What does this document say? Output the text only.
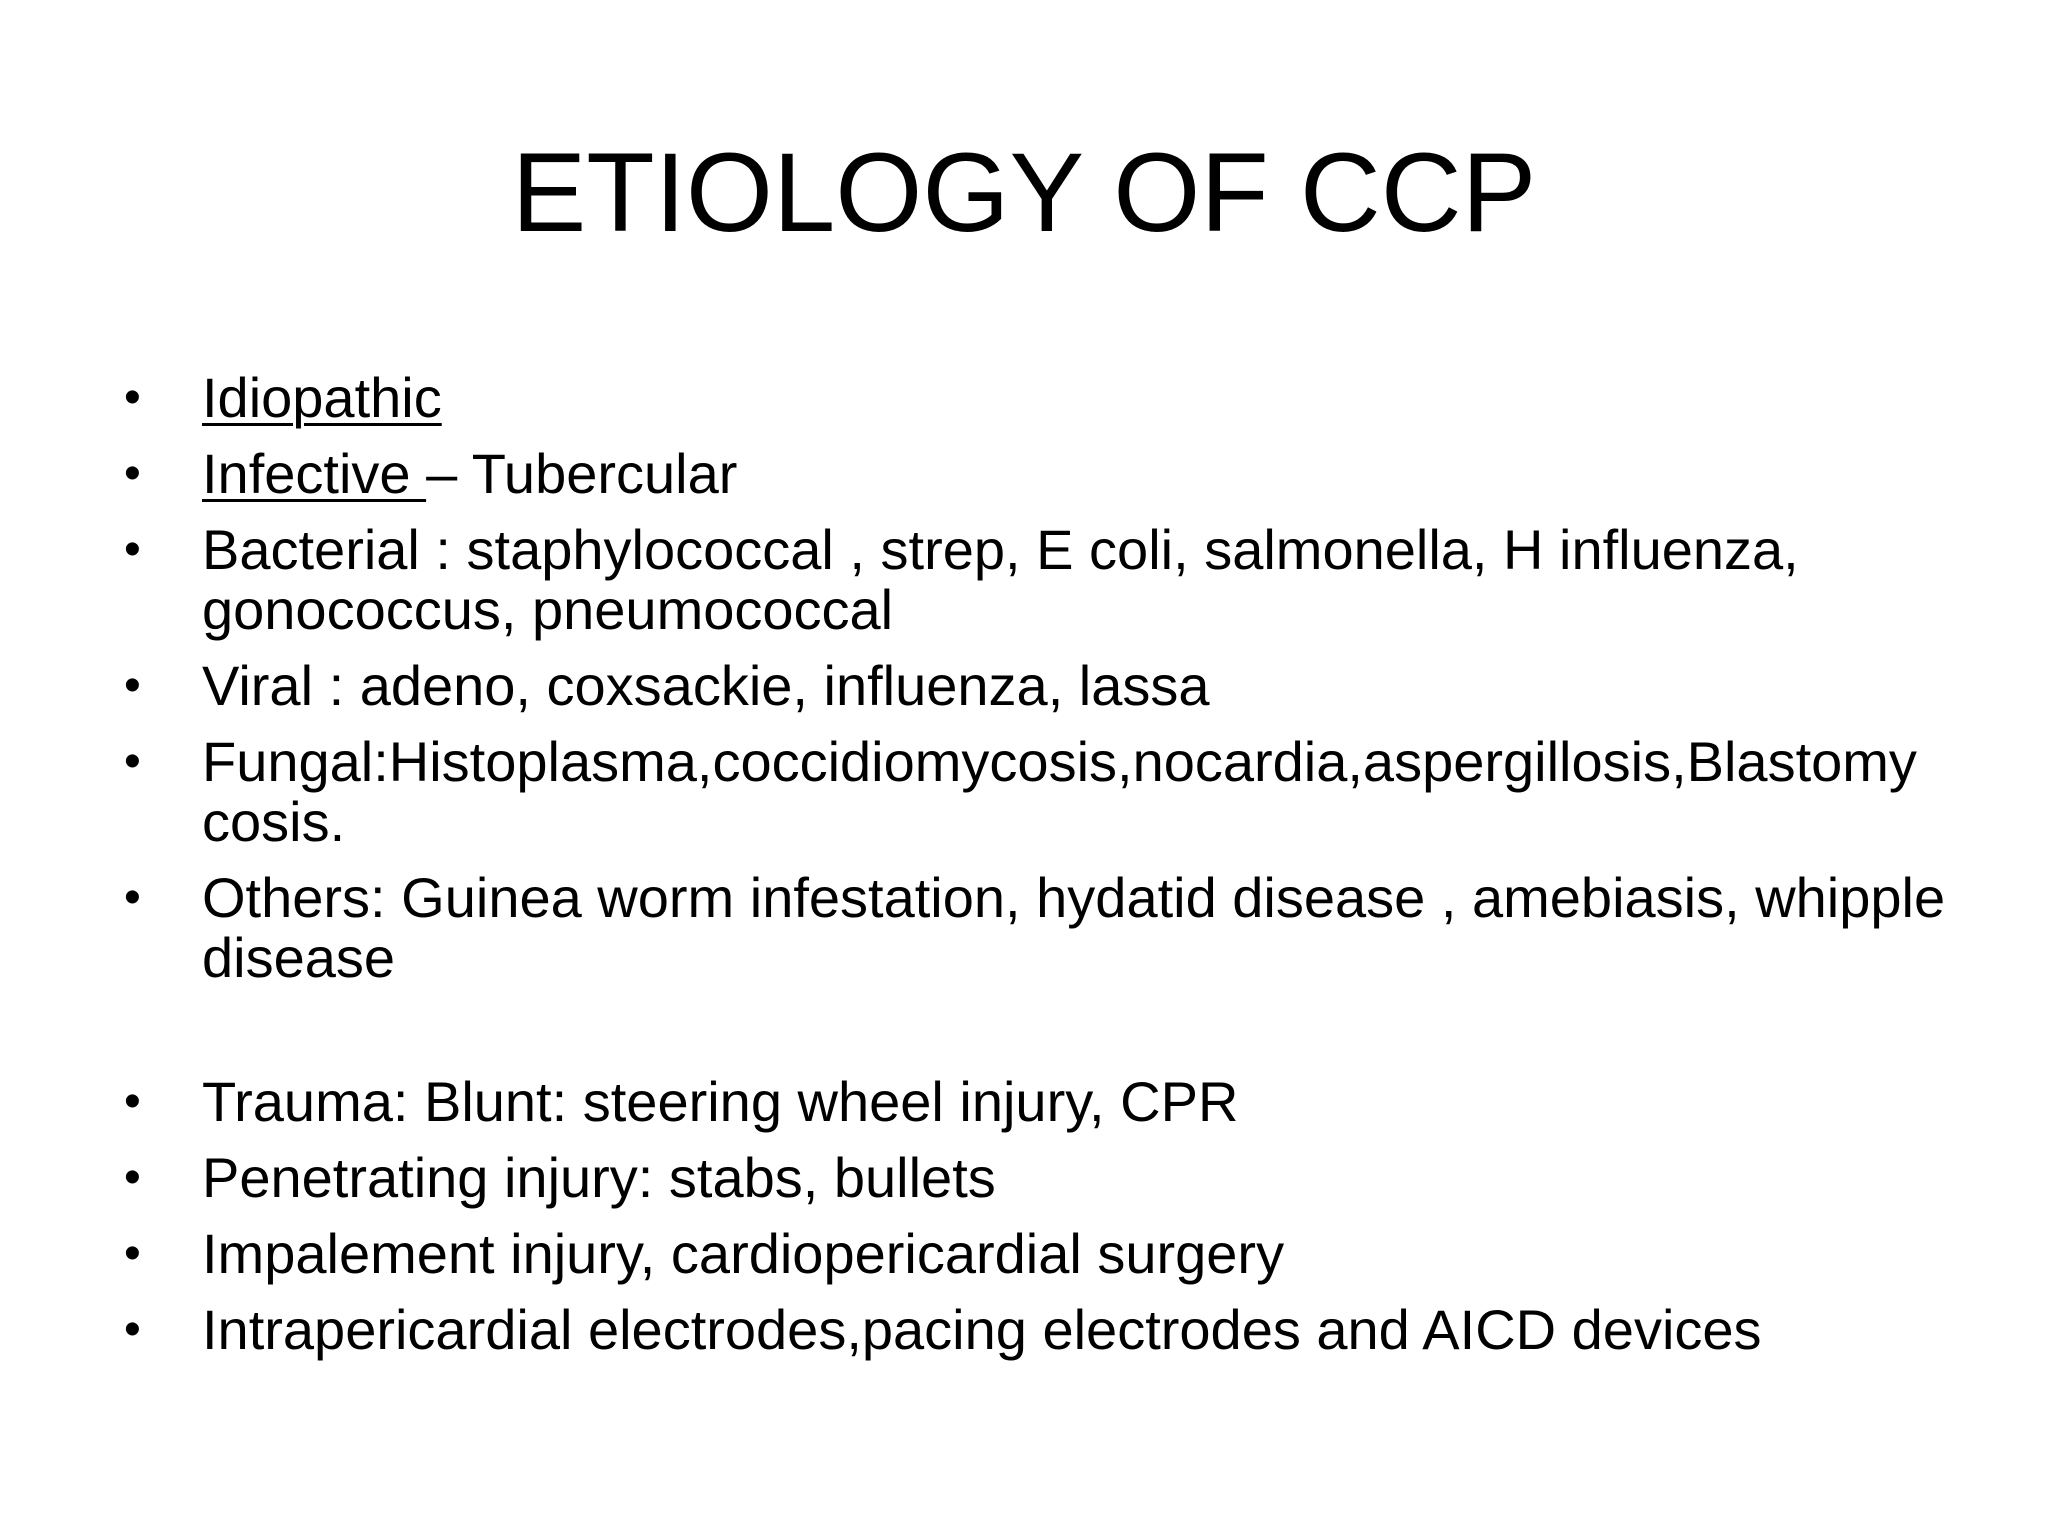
ETIOLOGY OF CCP
• Idiopathic
• Infective – Tubercular
• Bacterial : staphylococcal , strep, E coli, salmonella, H influenza, gonococcus, pneumococcal
• Viral : adeno, coxsackie, influenza, lassa
• Fungal:Histoplasma,coccidiomycosis,nocardia,aspergillosis,Blastomy cosis.
• Others: Guinea worm infestation, hydatid disease , amebiasis, whipple disease
• Trauma: Blunt: steering wheel injury, CPR
• Penetrating injury: stabs, bullets
• Impalement injury, cardiopericardial surgery
• Intrapericardial electrodes,pacing electrodes and AICD devices
